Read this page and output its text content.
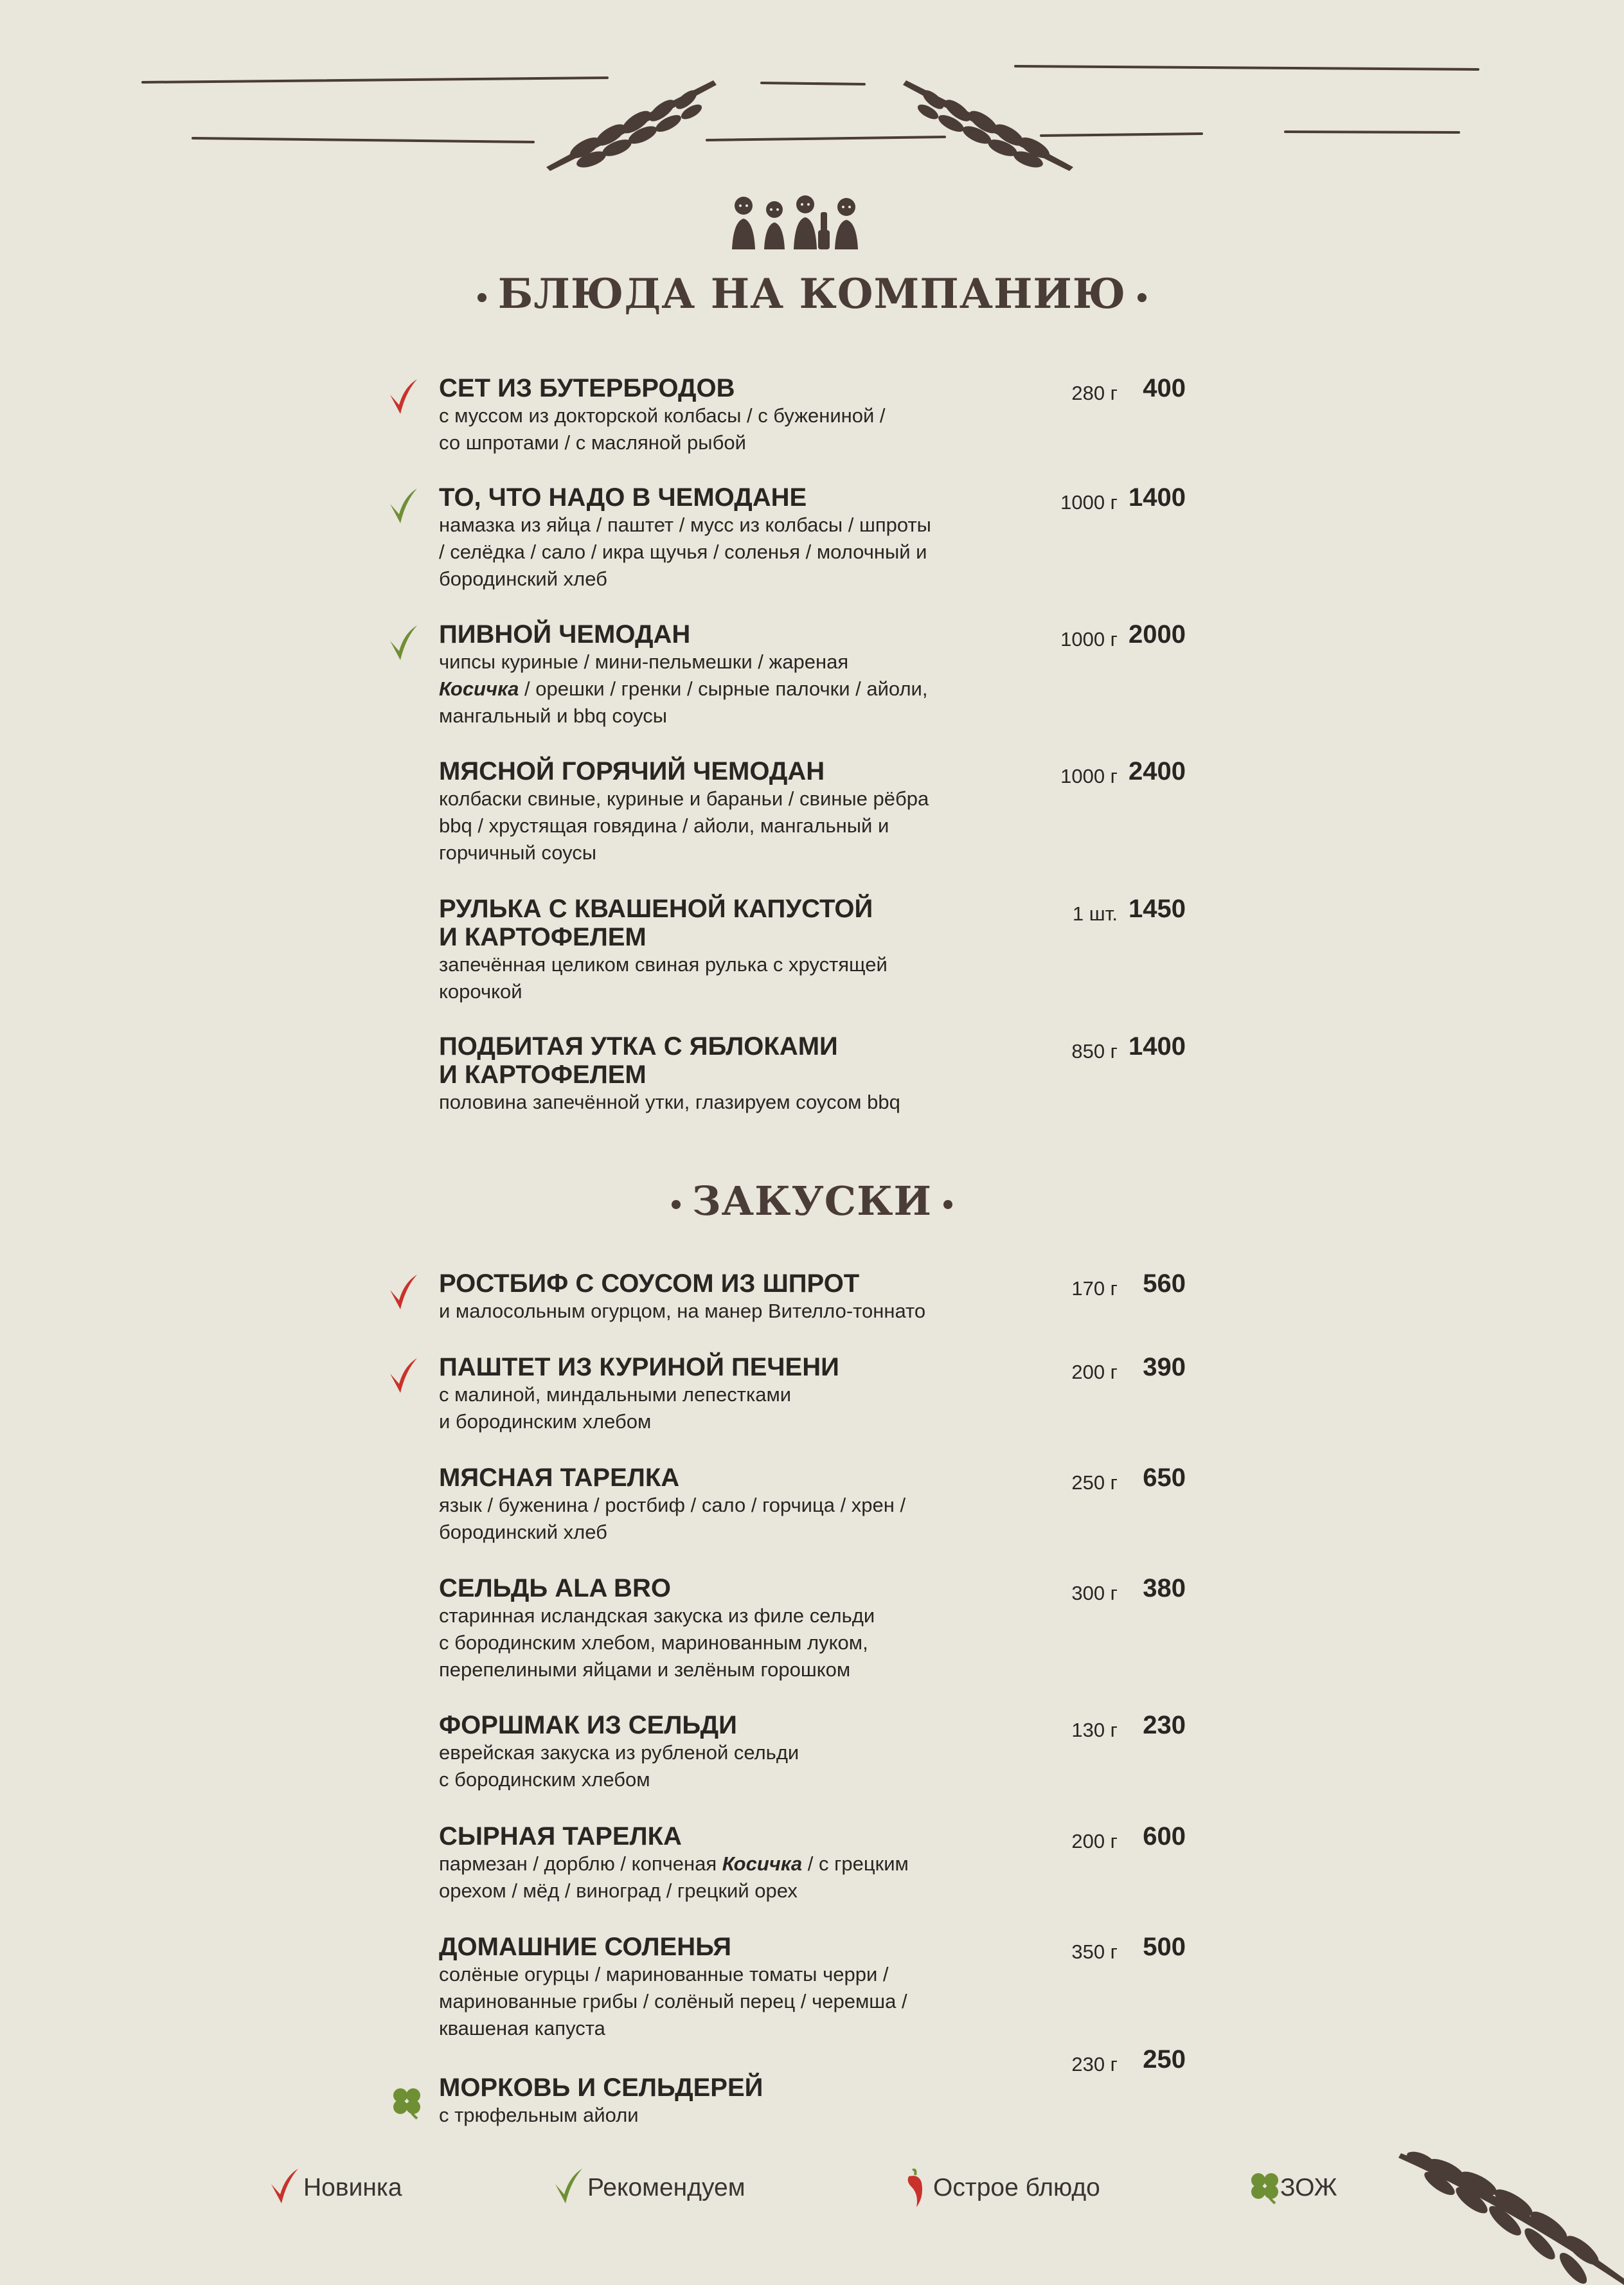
БЛЮДА НА КОМПАНИЮ
СЕТ ИЗ БУТЕРБРОДОВ
с муссом из докторской колбасы / с бужениной /
со шпротами / с масляной рыбой
280 г 400
ТО, ЧТО НАДО В ЧЕМОДАНЕ
намазка из яйца / паштет / мусс из колбасы / шпроты
/ селёдка / сало / икра щучья / соленья / молочный и
бородинский хлеб
1000 г 1400
ПИВНОЙ ЧЕМОДАН
чипсы куриные / мини-пельмешки / жареная
Косичка / орешки / гренки / сырные палочки / айоли,
мангальный и bbq соусы
1000 г 2000
МЯСНОЙ ГОРЯЧИЙ ЧЕМОДАН
колбаски свиные, куриные и бараньи / свиные рёбра
bbq / хрустящая говядина / айоли, мангальный и
горчичный соусы
1000 г 2400
РУЛЬКА С КВАШЕНОЙ КАПУСТОЙ
И КАРТОФЕЛЕМ
запечённая целиком свиная рулька с хрустящей
корочкой
1 шт. 1450
ПОДБИТАЯ УТКА С ЯБЛОКАМИ
И КАРТОФЕЛЕМ
половина запечённой утки, глазируем соусом bbq
850 г 1400
ЗАКУСКИ
РОСТБИФ С СОУСОМ ИЗ ШПРОТ
и малосольным огурцом, на манер Вителло-тоннато
170 г 560
ПАШТЕТ ИЗ КУРИНОЙ ПЕЧЕНИ
с малиной, миндальными лепестками
и бородинским хлебом
200 г 390
МЯСНАЯ ТАРЕЛКА
язык / буженина / ростбиф / сало / горчица / хрен /
бородинский хлеб
250 г 650
СЕЛЬДЬ ALA BRO
старинная исландская закуска из филе сельди
с бородинским хлебом, маринованным луком,
перепелиными яйцами и зелёным горошком
300 г 380
ФОРШМАК ИЗ СЕЛЬДИ
еврейская закуска из рубленой сельди
с бородинским хлебом
130 г 230
СЫРНАЯ ТАРЕЛКА
пармезан / дорблю / копченая Косичка / с грецким
орехом / мёд / виноград / грецкий орех
200 г 600
ДОМАШНИЕ СОЛЕНЬЯ
солёные огурцы / маринованные томаты черри /
маринованные грибы / солёный перец / черемша /
квашеная капуста
350 г 500
МОРКОВЬ И СЕЛЬДЕРЕЙ
с трюфельным айоли
230 г 250
Новинка	Рекомендуем	Острое блюдо	ЗОЖ
